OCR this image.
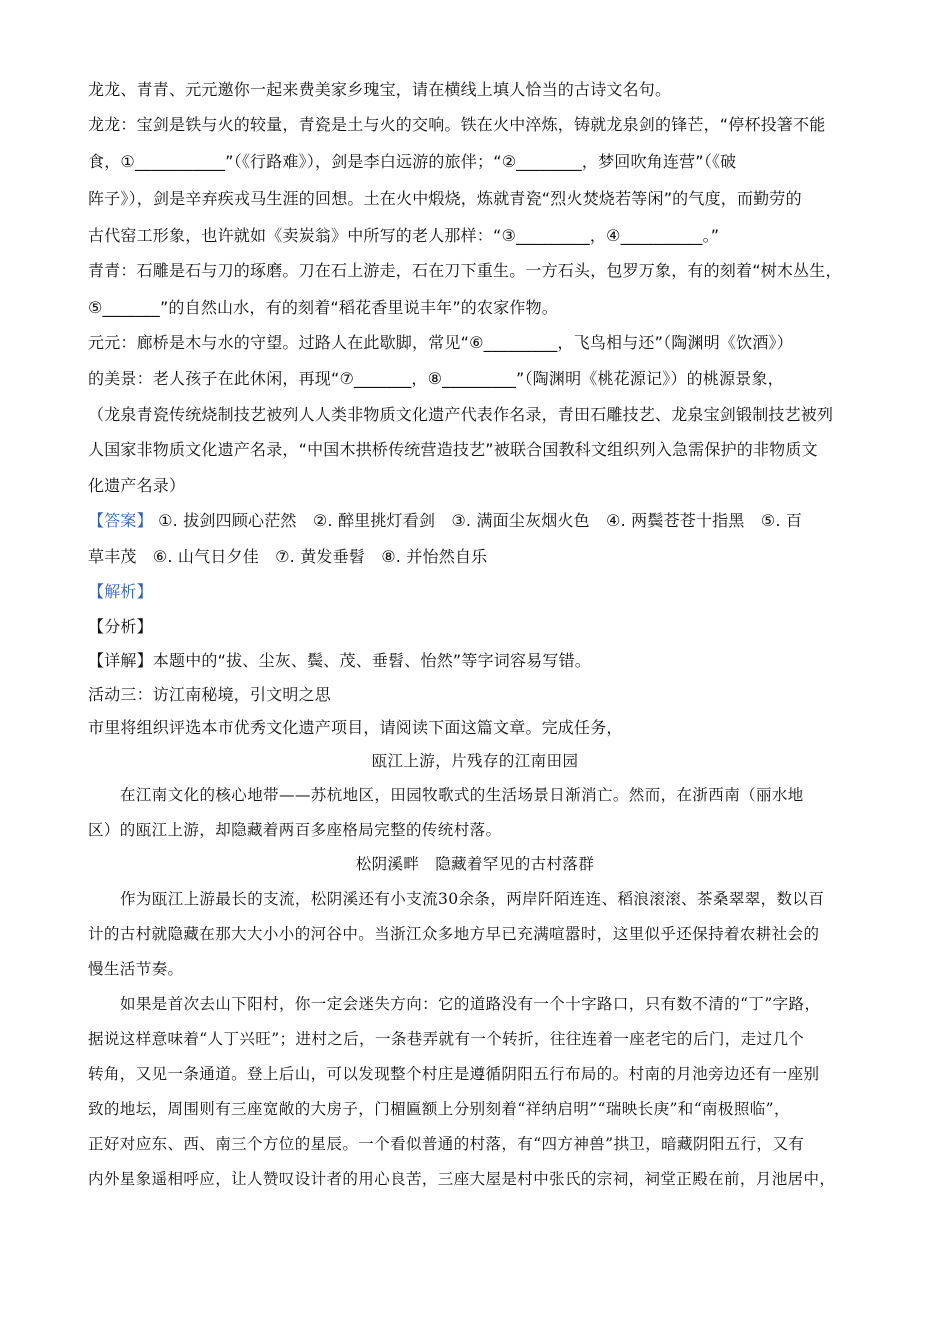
龙龙、青青、元元邀你一起来费美家乡瑰宝，请在横线上填人恰当的古诗文名句。
龙龙：宝剑是铁与火的较量，青瓷是土与火的交响。铁在火中淬炼，铸就龙泉剑的锋芒，“停杯投箸不能
食，①___________”（《行路难》），剑是李白远游的旅伴；“②________，梦回吹角连营”（《破
阵子》），剑是辛弃疾戎马生涯的回想。土在火中煅烧，炼就青瓷“烈火焚烧若等闲”的气度，而勤劳的
古代窑工形象，也许就如《卖炭翁》中所写的老人那样：“③_________，④__________。”
青青：石雕是石与刀的琢磨。刀在石上游走，石在刀下重生。一方石头，包罗万象，有的刻着“树木丛生，
⑤_______”的自然山水，有的刻着“稻花香里说丰年”的农家作物。
元元：廊桥是木与水的守望。过路人在此歇脚，常见“⑥_________，飞鸟相与还”（陶渊明《饮酒》）
的美景：老人孩子在此休闲，再现“⑦_______，⑧_________”（陶渊明《桃花源记》）的桃源景象，
（龙泉青瓷传统烧制技艺被列人人类非物质文化遗产代表作名录，青田石雕技艺、龙泉宝剑锻制技艺被列
人国家非物质文化遗产名录，“中国木拱桥传统营造技艺”被联合国教科文组织列入急需保护的非物质文
化遗产名录）
【答案】 ①. 拔剑四顾心茫然　②. 醉里挑灯看剑　③. 满面尘灰烟火色　④. 两鬓苍苍十指黑　⑤. 百
草丰茂　⑥. 山气日夕佳　⑦. 黄发垂髫　⑧. 并怡然自乐
【解析】
【分析】
【详解】本题中的“拔、尘灰、鬓、茂、垂髫、怡然”等字词容易写错。
活动三：访江南秘境，引文明之思
市里将组织评选本市优秀文化遗产项目，请阅读下面这篇文章。完成任务，
瓯江上游，片残存的江南田园
在江南文化的核心地带——苏杭地区，田园牧歌式的生活场景日渐消亡。然而，在浙西南（丽水地
区）的瓯江上游，却隐藏着两百多座格局完整的传统村落。
松阴溪畔　隐藏着罕见的古村落群
作为瓯江上游最长的支流，松阴溪还有小支流30余条，两岸阡陌连连、稻浪滚滚、茶桑翠翠，数以百
计的古村就隐藏在那大大小小的河谷中。当浙江众多地方早已充满喧嚣时，这里似乎还保持着农耕社会的
慢生活节奏。
如果是首次去山下阳村，你一定会迷失方向：它的道路没有一个十字路口，只有数不清的“丁”字路，
据说这样意味着“人丁兴旺”；进村之后，一条巷弄就有一个转折，往往连着一座老宅的后门，走过几个
转角，又见一条通道。登上后山，可以发现整个村庄是遵循阴阳五行布局的。村南的月池旁边还有一座别
致的地坛，周围则有三座宽敞的大房子，门楣匾额上分别刻着“祥纳启明”“瑞映长庚”和“南极照临”，
正好对应东、西、南三个方位的星辰。一个看似普通的村落，有“四方神兽”拱卫，暗藏阴阳五行，又有
内外星象遥相呼应，让人赞叹设计者的用心良苦，三座大屋是村中张氏的宗祠，祠堂正殿在前，月池居中，
